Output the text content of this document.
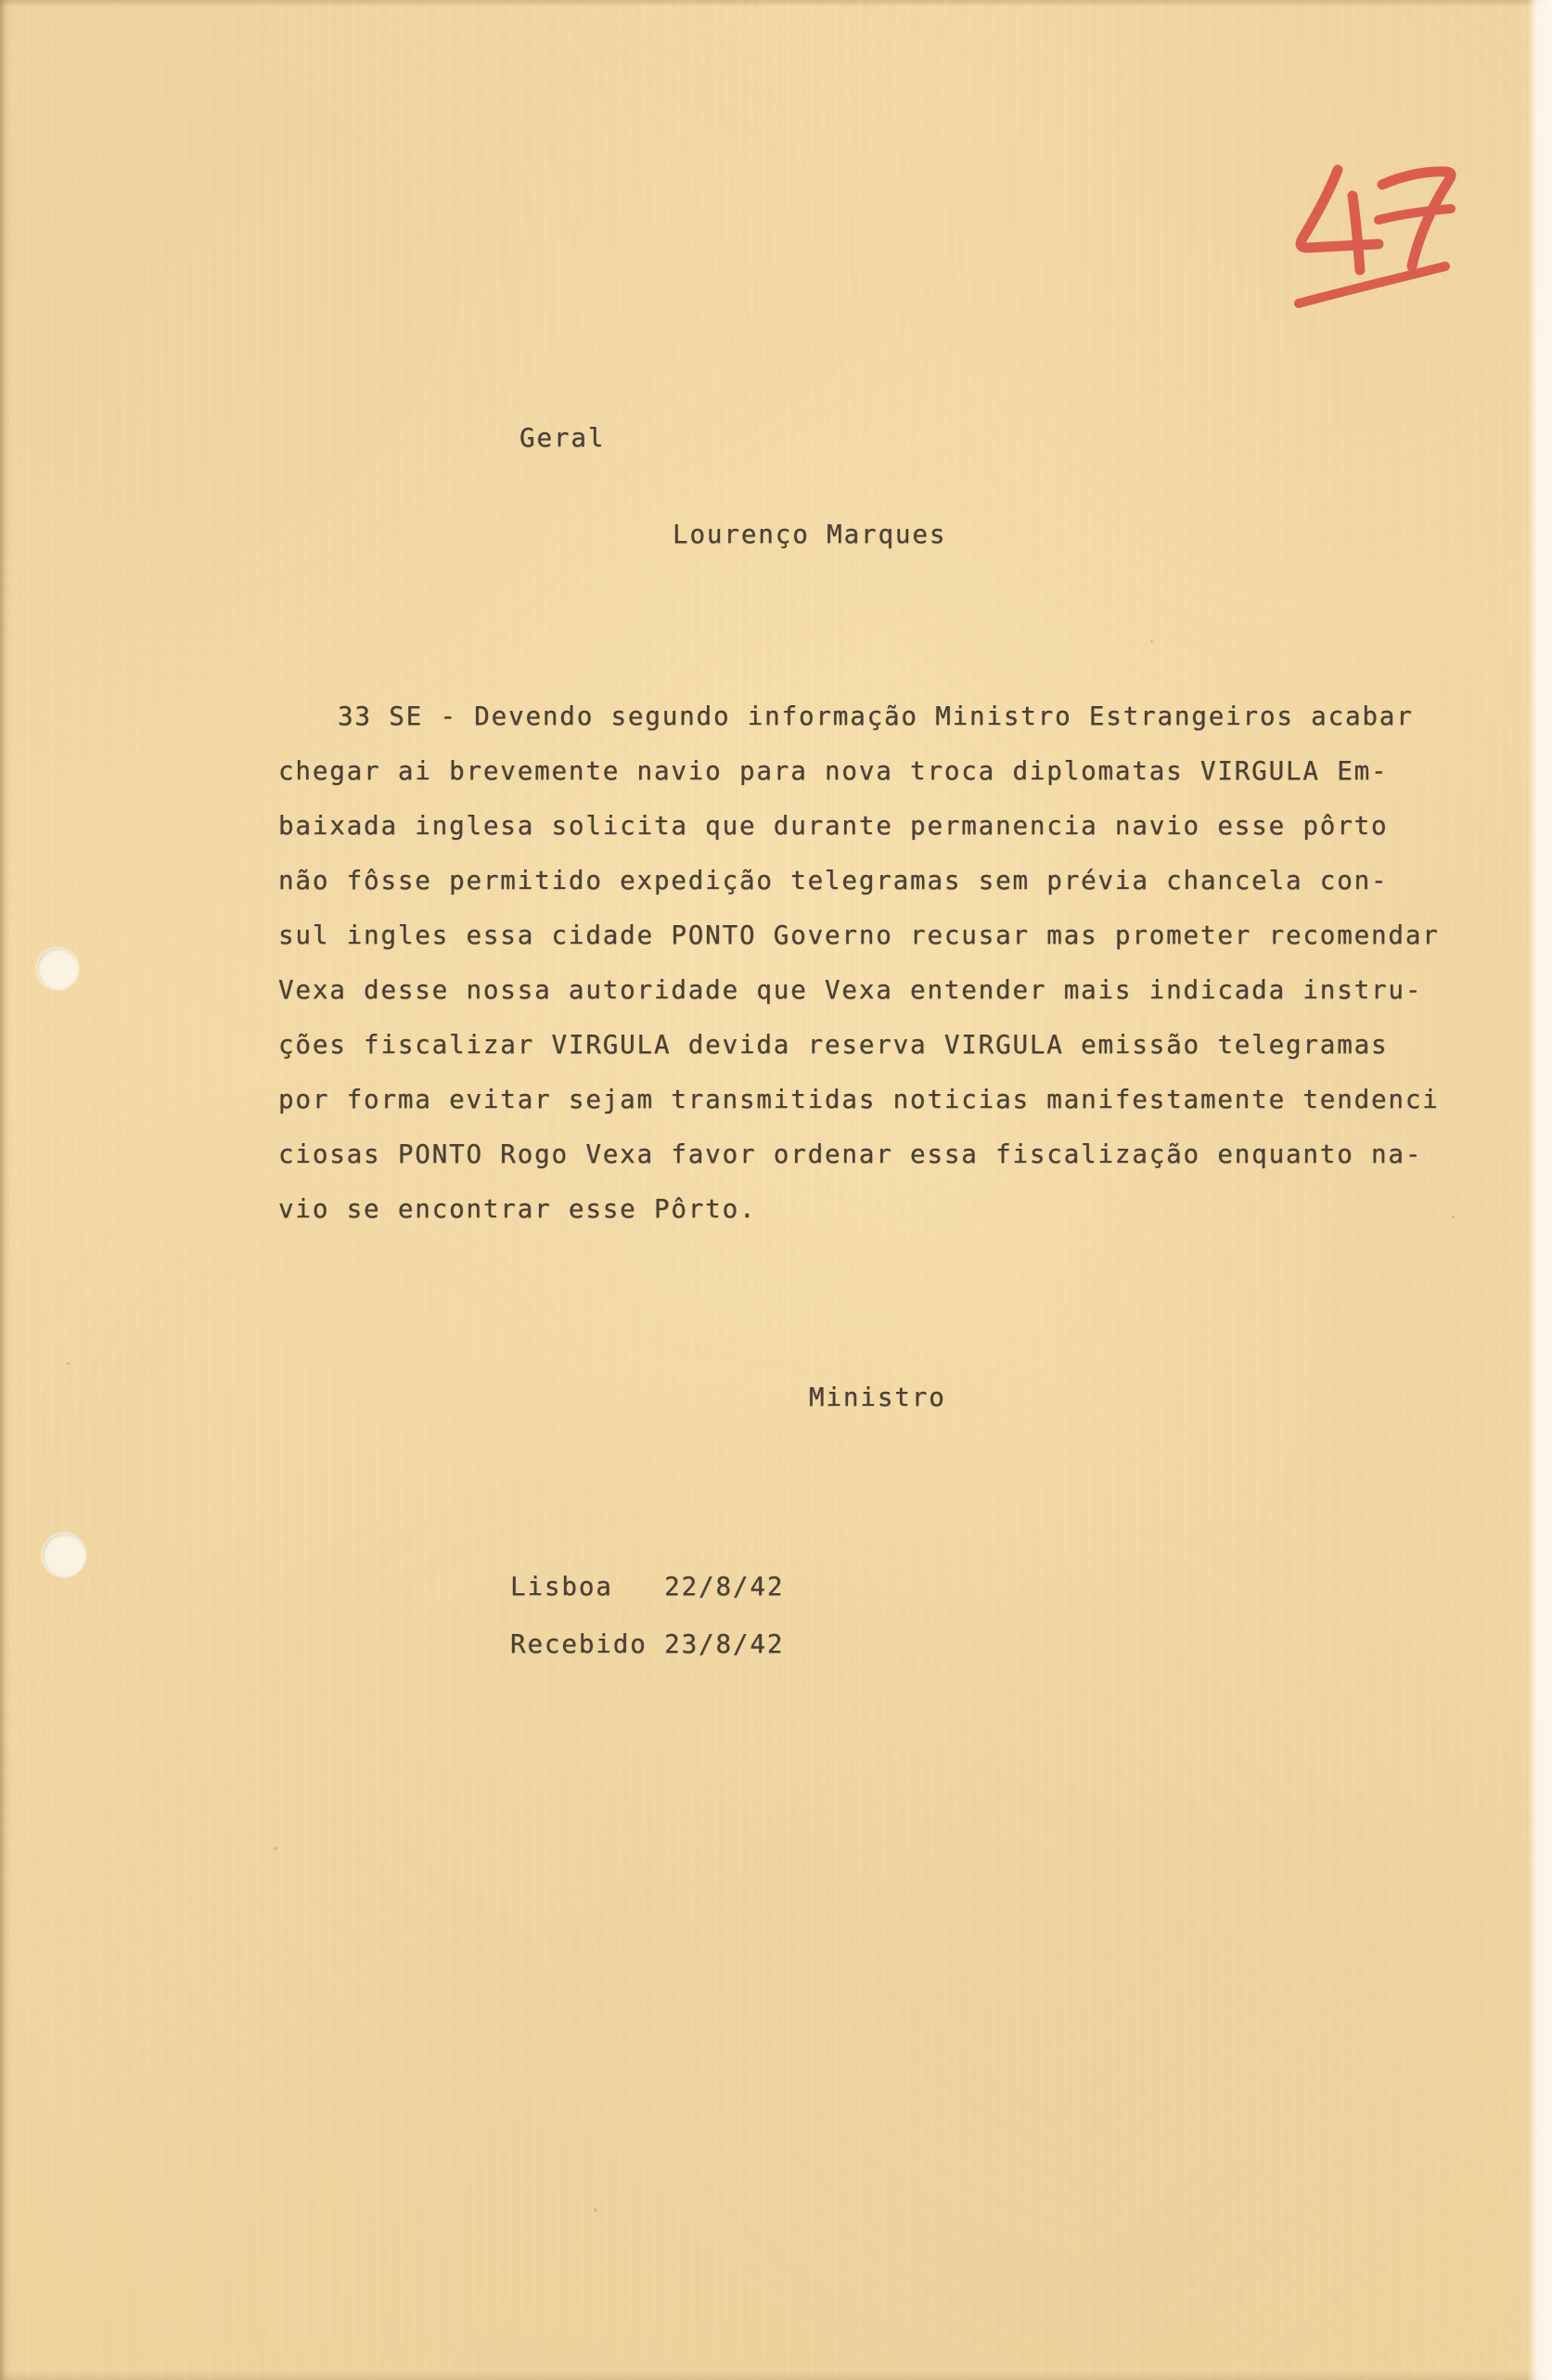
Geral
Lourenço Marques
33 SE - Devendo segundo informação Ministro Estrangeiros acabar
chegar ai brevemente navio para nova troca diplomatas VIRGULA Em-
baixada inglesa solicita que durante permanencia navio esse pôrto
não fôsse permitido expedição telegramas sem prévia chancela con-
sul ingles essa cidade PONTO Governo recusar mas prometer recomendar
Vexa desse nossa autoridade que Vexa entender mais indicada instru-
ções fiscalizar VIRGULA devida reserva VIRGULA emissão telegramas
por forma evitar sejam transmitidas noticias manifestamente tendenci
ciosas PONTO Rogo Vexa favor ordenar essa fiscalização enquanto na-
vio se encontrar esse Pôrto.
Ministro
Lisboa   22/8/42
Recebido 23/8/42
